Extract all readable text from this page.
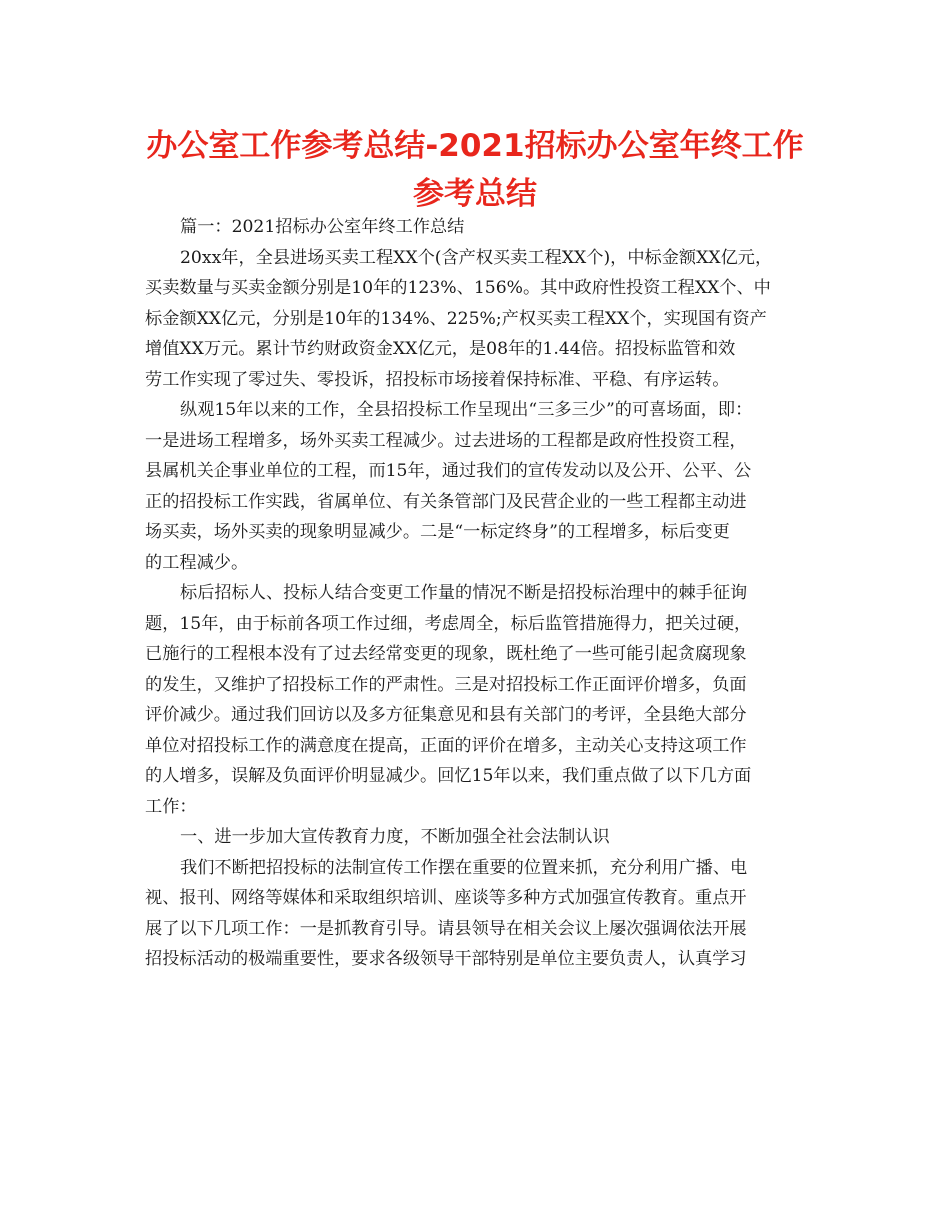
办公室工作参考总结-2021招标办公室年终工作
参考总结
篇一：2021招标办公室年终工作总结
20xx年，全县进场买卖工程XX个(含产权买卖工程XX个)，中标金额XX亿元，
买卖数量与买卖金额分别是10年的123%、156%。其中政府性投资工程XX个、中
标金额XX亿元，分别是10年的134%、225%;产权买卖工程XX个，实现国有资产
增值XX万元。累计节约财政资金XX亿元，是08年的1.44倍。招投标监管和效
劳工作实现了零过失、零投诉，招投标市场接着保持标准、平稳、有序运转。
纵观15年以来的工作，全县招投标工作呈现出“三多三少”的可喜场面，即：
一是进场工程增多，场外买卖工程减少。过去进场的工程都是政府性投资工程，
县属机关企事业单位的工程，而15年，通过我们的宣传发动以及公开、公平、公
正的招投标工作实践，省属单位、有关条管部门及民营企业的一些工程都主动进
场买卖，场外买卖的现象明显减少。二是“一标定终身”的工程增多，标后变更
的工程减少。
标后招标人、投标人结合变更工作量的情况不断是招投标治理中的棘手征询
题，15年，由于标前各项工作过细，考虑周全，标后监管措施得力，把关过硬，
已施行的工程根本没有了过去经常变更的现象，既杜绝了一些可能引起贪腐现象
的发生，又维护了招投标工作的严肃性。三是对招投标工作正面评价增多，负面
评价减少。通过我们回访以及多方征集意见和县有关部门的考评，全县绝大部分
单位对招投标工作的满意度在提高，正面的评价在增多，主动关心支持这项工作
的人增多，误解及负面评价明显减少。回忆15年以来，我们重点做了以下几方面
工作：
一、进一步加大宣传教育力度，不断加强全社会法制认识
我们不断把招投标的法制宣传工作摆在重要的位置来抓，充分利用广播、电
视、报刊、网络等媒体和采取组织培训、座谈等多种方式加强宣传教育。重点开
展了以下几项工作：一是抓教育引导。请县领导在相关会议上屡次强调依法开展
招投标活动的极端重要性，要求各级领导干部特别是单位主要负责人，认真学习
